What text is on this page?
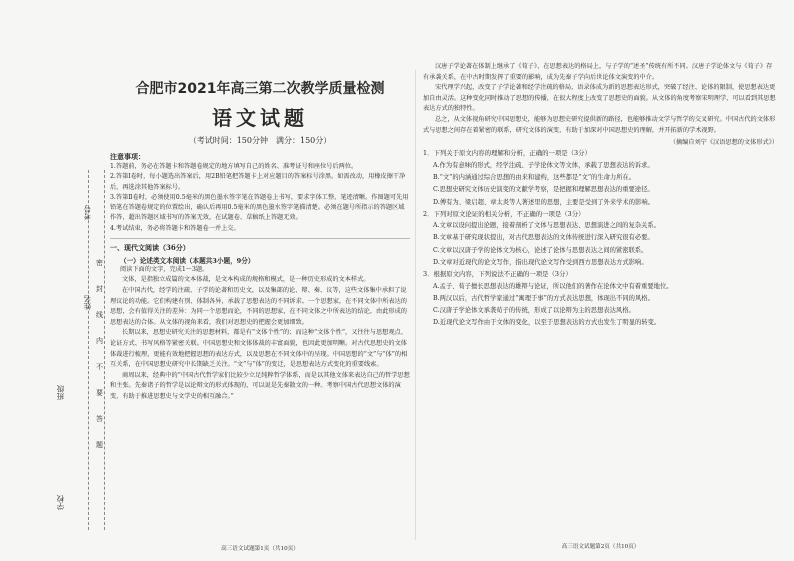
考号
姓名
班级
学校
密
封
线
内
不
要
答
题
合肥市2021年高三第二次教学质量检测
语文试题
（考试时间：150分钟　满分：150分）
注意事项：
1.答题前，务必在答题卡和答题卷规定的地方填写自己的姓名、准考证号和座位号后两位。
2.答第Ⅰ卷时，每小题选出答案后，用2B铅笔把答题卡上对应题目的答案标号涂黑。如需改动，用橡皮擦干净后，再选涂其他答案标号。
3.答第Ⅱ卷时，必须使用0.5毫米的黑色墨水签字笔在答题卷上书写，要求字体工整、笔迹清晰。作图题可先用铅笔在答题卷规定的位置绘出，确认后再用0.5毫米的黑色墨水签字笔描清楚。必须在题号所指示的答题区域作答，超出答题区域书写的答案无效，在试题卷、草稿纸上答题无效。
4.考试结束，务必将答题卡和答题卷一并上交。
一、现代文阅读（36分）
（一）论述类文本阅读（本题共3小题，9分）
阅读下面的文字，完成1～3题。

文体，是指独立成篇的文本体裁，是文本构成的规格和模式，是一种历史形成的文本样式。

在中国古代，经学的注疏、子学的论著和历史文，以及集部的论、辩、奏、议等，这些文体集中承担了说理议论的功能。它们构建有别、体制各异，承载了思想表达的不同诉求。一个思想家，在不同文体中所表达的思想，会有值得关注的差异：为同一个思想而论，不同的思想家，在不同文体之中所表达的结论，由此形成的思想表达的合体。从文体的视角来看，我们对思想史的把握会更加细致。

长期以来，思想史研究关注的思想材料，都是有“文体个性”的；而这种“文体个性”，又往往与思想观点、论证方式、书写风格等紧密关联。中国思想史和文体体裁的丰富面貌，也因此更加明晰。对古代思想史的文体体裁进行梳理，更能有效地把握思想的表达方式，以及思想在不同文体中的呈现。中国思想的“文”与“体”的相互关系，在中国思想史研究中长期缺乏关注。“文”与“体”的变迁，是思想表达方式变化的重要线索。

商周以来，经典中的“中国古代哲学家们比较少立足纯粹哲学体系，而是以其他文体来表达自己的哲学思想和主张。先秦诸子的哲学是以论辩文的形式体现的，可以说是先秦散文的一种。考察中国古代思想文体的演变，有助于推进思想史与文学史的相互融合。”

高三语文试题第1页（共10页）

汉唐子学论著在体制上继承了《荀子》、在思想表达的格局上，与子学的“述圣”传统有所不同。汉唐子学论体文与《荀子》存有承袭关系，在中古时期发挥了重要的影响，成为先秦子学向后世论体文演变的中介。

宋代理学兴起，改变了子学论著和经学注疏的格局，语录体成为新的思想表达形式，突破了经注、论体的限制，使思想表达更加自由灵活。这种变化同时推动了思想的传播，在很大程度上改变了思想史的面貌。从文体的角度考察宋明理学，可以看到其思想表达方式的独特性。

总之，从文体视角研究中国思想史，能够为思想史研究提供新的路径，也能够推动文学与哲学的交叉研究。中国古代的文体形式与思想之间存在着紧密的联系，研究文体的演变，有助于加深对中国思想史的理解，并开拓新的学术视野。

（摘编自刘宁《汉语思想的文体形式》）

1．下列关于原文内容的理解和分析，正确的一项是（3分）

A.作为有意味的形式，经学注疏、子学论体文等文体，承载了思想表达的诉求。

B.“文”的内涵通过综合思想的由来和建构，这些都是“文”的生命力所在。

C.思想史研究文体历史演变的文献学考察，是把握和理解思想表达的重要途径。

D.傅有为、梁启超、章太炎等人著述里的思想，主要是受到了外来学术的影响。

2．下列对原文论证的相关分析，不正确的一项是（3分）

A.文章以设问提出论题，接着剖析了文体与思想表达、思想演进之间的复杂关系。

B.文章基于研究现状提出，对古代思想表达的文体传统进行深入研究很有必要。

C.文章以汉唐子学的论体文为核心，论述了论体与思想表达之间的紧密联系。

D.文章对近现代的论文写作，指出现代论文写作受到西方思想表达方式影响。

3．根据原文内容，下列说法不正确的一项是（3分）

A.孟子、荀子擅长思想表达的雄辩与论证，所以他们的著作在论体文中有着重要地位。

B.两汉以后，古代哲学家通过“寓理于事”的方式表达思想，体现出不同的风格。

C.汉唐子学论体文承袭荀子的传统，形成了以论辩为主的思想表达风格。

D.近现代论文写作由于文体的变化，以至于思想表达的方式也发生了明显的转变。

高三语文试题第2页（共10页）
